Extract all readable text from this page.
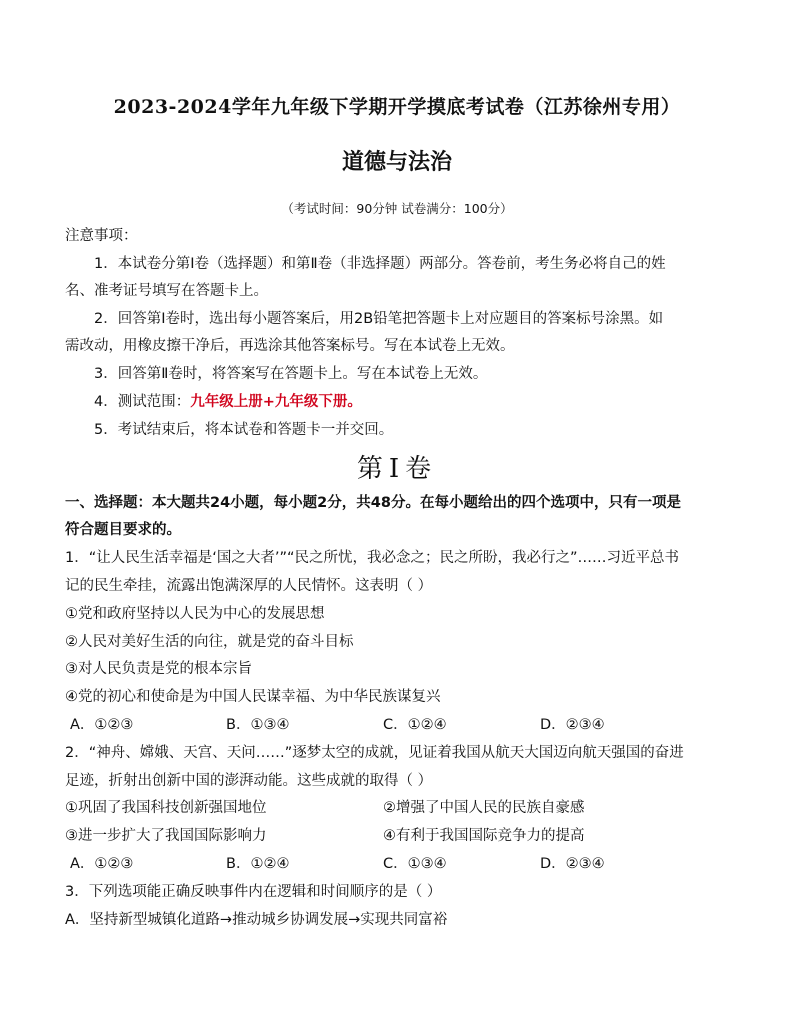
2023-2024学年九年级下学期开学摸底考试卷（江苏徐州专用）
道德与法治
（考试时间：90分钟 试卷满分：100分）
注意事项：
1．本试卷分第Ⅰ卷（选择题）和第Ⅱ卷（非选择题）两部分。答卷前，考生务必将自己的姓
名、准考证号填写在答题卡上。
2．回答第Ⅰ卷时，选出每小题答案后，用2B铅笔把答题卡上对应题目的答案标号涂黑。如
需改动，用橡皮擦干净后，再选涂其他答案标号。写在本试卷上无效。
3．回答第Ⅱ卷时，将答案写在答题卡上。写在本试卷上无效。
4．测试范围：九年级上册+九年级下册。
5．考试结束后，将本试卷和答题卡一并交回。
第Ⅰ卷
一、选择题：本大题共24小题，每小题2分，共48分。在每小题给出的四个选项中，只有一项是
符合题目要求的。
1．“让人民生活幸福是‘国之大者’”“民之所忧，我必念之；民之所盼，我必行之”……习近平总书
记的民生牵挂，流露出饱满深厚的人民情怀。这表明（ ）
①党和政府坚持以人民为中心的发展思想
②人民对美好生活的向往，就是党的奋斗目标
③对人民负责是党的根本宗旨
④党的初心和使命是为中国人民谋幸福、为中华民族谋复兴
A．①②③	B．①③④	C．①②④	D．②③④
2．“神舟、嫦娥、天宫、天问……”逐梦太空的成就，见证着我国从航天大国迈向航天强国的奋进
足迹，折射出创新中国的澎湃动能。这些成就的取得（ ）
①巩固了我国科技创新强国地位	②增强了中国人民的民族自豪感
③进一步扩大了我国国际影响力	④有利于我国国际竞争力的提高
A．①②③	B．①②④	C．①③④	D．②③④
3．下列选项能正确反映事件内在逻辑和时间顺序的是（ ）
A．坚持新型城镇化道路→推动城乡协调发展→实现共同富裕
